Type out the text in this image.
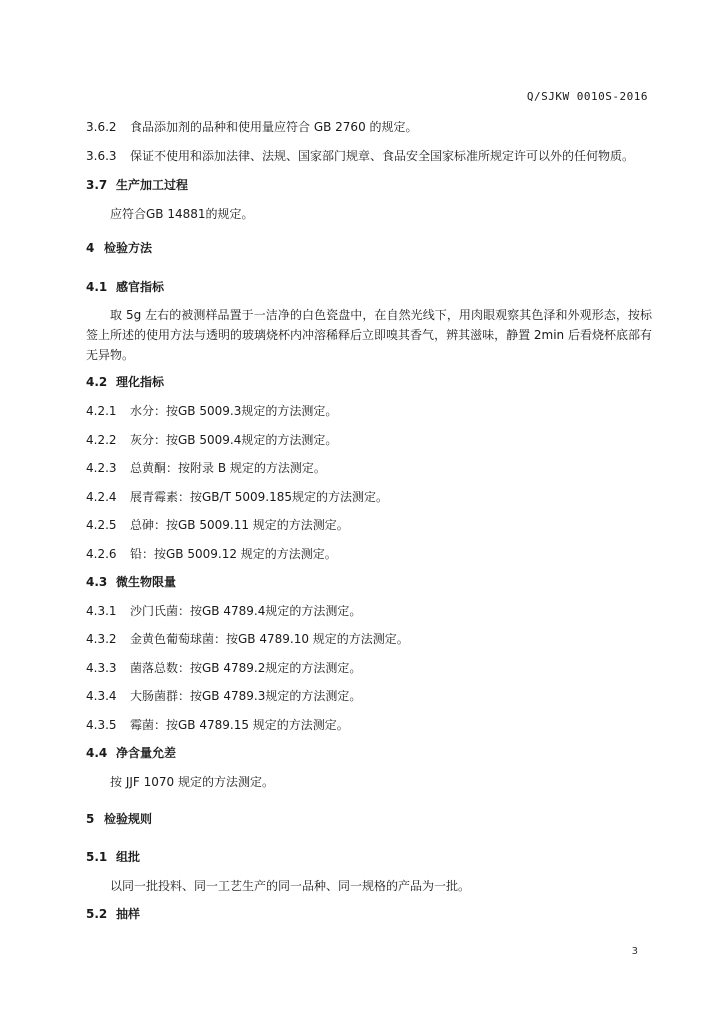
Q/SJKW 0010S-2016
3.6.2 食品添加剂的品种和使用量应符合 GB 2760 的规定。
3.6.3 保证不使用和添加法律、法规、国家部门规章、食品安全国家标准所规定许可以外的任何物质。
3.7 生产加工过程
应符合GB 14881的规定。
4 检验方法
4.1 感官指标
取 5g 左右的被测样品置于一洁净的白色瓷盘中，在自然光线下，用肉眼观察其色泽和外观形态，按标签上所述的使用方法与透明的玻璃烧杯内冲溶稀释后立即嗅其香气，辨其滋味，静置 2min 后看烧杯底部有无异物。
4.2 理化指标
4.2.1 水分：按GB 5009.3规定的方法测定。
4.2.2 灰分：按GB 5009.4规定的方法测定。
4.2.3 总黄酮：按附录 B 规定的方法测定。
4.2.4 展青霉素：按GB/T 5009.185规定的方法测定。
4.2.5 总砷：按GB 5009.11 规定的方法测定。
4.2.6 铅：按GB 5009.12 规定的方法测定。
4.3 微生物限量
4.3.1 沙门氏菌：按GB 4789.4规定的方法测定。
4.3.2 金黄色葡萄球菌：按GB 4789.10 规定的方法测定。
4.3.3 菌落总数：按GB 4789.2规定的方法测定。
4.3.4 大肠菌群：按GB 4789.3规定的方法测定。
4.3.5 霉菌：按GB 4789.15 规定的方法测定。
4.4 净含量允差
按 JJF 1070 规定的方法测定。
5 检验规则
5.1 组批
以同一批投料、同一工艺生产的同一品种、同一规格的产品为一批。
5.2 抽样
3
